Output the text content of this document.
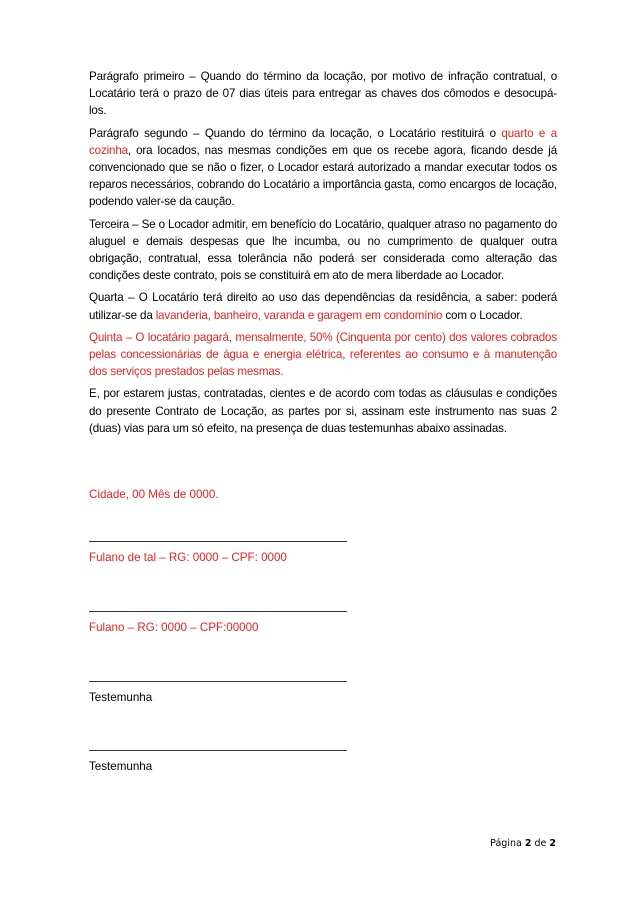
Parágrafo primeiro – Quando do término da locação, por motivo de infração contratual, o Locatário terá o prazo de 07 dias úteis para entregar as chaves dos cômodos e desocupá-los.

Parágrafo segundo – Quando do término da locação, o Locatário restituirá o quarto e a cozinha, ora locados, nas mesmas condições em que os recebe agora, ficando desde já convencionado que se não o fizer, o Locador estará autorizado a mandar executar todos os reparos necessários, cobrando do Locatário a importância gasta, como encargos de locação, podendo valer-se da caução.

Terceira – Se o Locador admitir, em benefício do Locatário, qualquer atraso no pagamento do aluguel e demais despesas que lhe incumba, ou no cumprimento de qualquer outra obrigação, contratual, essa tolerância não poderá ser considerada como alteração das condições deste contrato, pois se constituirá em ato de mera liberdade ao Locador.

Quarta – O Locatário terá direito ao uso das dependências da residência, a saber: poderá utilizar-se da lavanderia, banheiro, varanda e garagem em condomínio com o Locador.

Quinta – O locatário pagará, mensalmente, 50% (Cinquenta por cento) dos valores cobrados pelas concessionárias de água e energia elétrica, referentes ao consumo e à manutenção dos serviços prestados pelas mesmas.

E, por estarem justas, contratadas, cientes e de acordo com todas as cláusulas e condições do presente Contrato de Locação, as partes por si, assinam este instrumento nas suas 2 (duas) vias para um só efeito, na presença de duas testemunhas abaixo assinadas.

Cidade, 00 Mês de 0000.
Fulano de tal – RG: 0000 – CPF: 0000
Fulano – RG: 0000 – CPF:00000
Testemunha
Testemunha
Página 2 de 2
